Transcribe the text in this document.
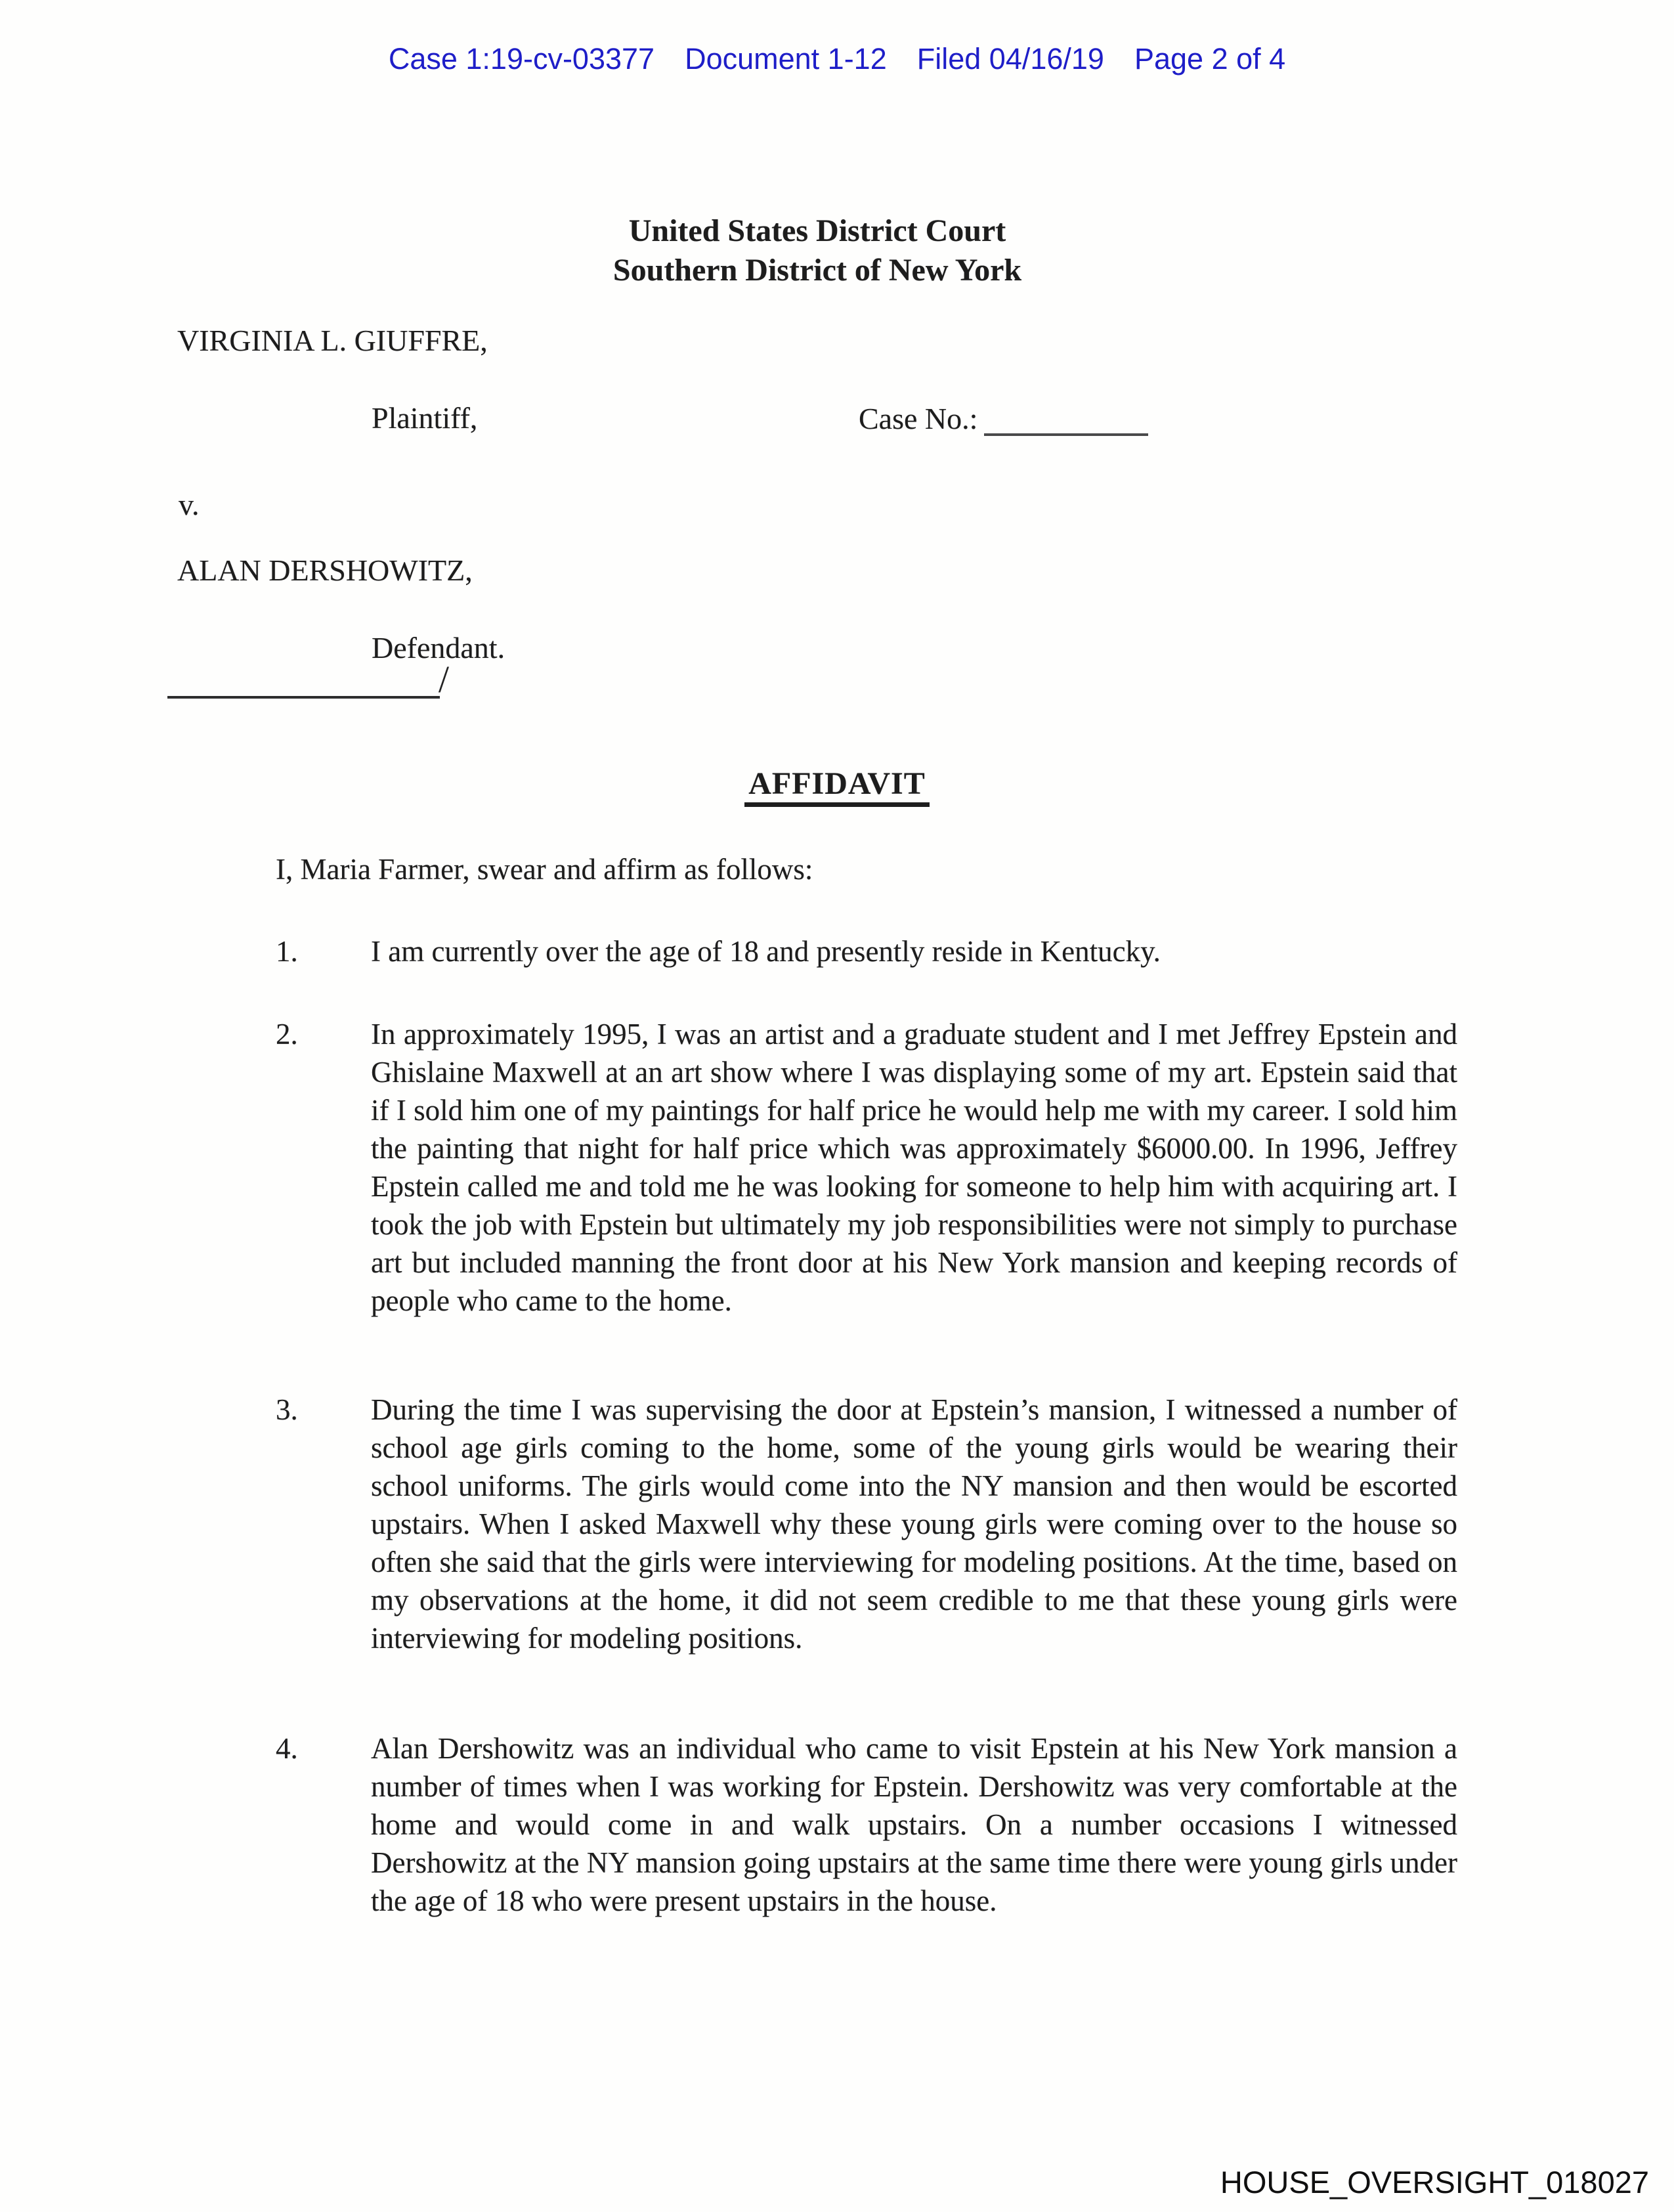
Case 1:19-cv-03377 Document 1-12 Filed 04/16/19 Page 2 of 4
United States District Court
Southern District of New York
VIRGINIA L. GIUFFRE,
Plaintiff,	Case No.:
v.
ALAN DERSHOWITZ,
Defendant.
/
AFFIDAVIT
I, Maria Farmer, swear and affirm as follows:
1.	I am currently over the age of 18 and presently reside in Kentucky.
2.	In approximately 1995, I was an artist and a graduate student and I met Jeffrey Epstein and Ghislaine Maxwell at an art show where I was displaying some of my art. Epstein said that if I sold him one of my paintings for half price he would help me with my career. I sold him the painting that night for half price which was approximately $6000.00. In 1996, Jeffrey Epstein called me and told me he was looking for someone to help him with acquiring art. I took the job with Epstein but ultimately my job responsibilities were not simply to purchase art but included manning the front door at his New York mansion and keeping records of people who came to the home.
3.	During the time I was supervising the door at Epstein’s mansion, I witnessed a number of school age girls coming to the home, some of the young girls would be wearing their school uniforms. The girls would come into the NY mansion and then would be escorted upstairs. When I asked Maxwell why these young girls were coming over to the house so often she said that the girls were interviewing for modeling positions. At the time, based on my observations at the home, it did not seem credible to me that these young girls were interviewing for modeling positions.
4.	Alan Dershowitz was an individual who came to visit Epstein at his New York mansion a number of times when I was working for Epstein. Dershowitz was very comfortable at the home and would come in and walk upstairs. On a number occasions I witnessed Dershowitz at the NY mansion going upstairs at the same time there were young girls under the age of 18 who were present upstairs in the house.
HOUSE_OVERSIGHT_018027
